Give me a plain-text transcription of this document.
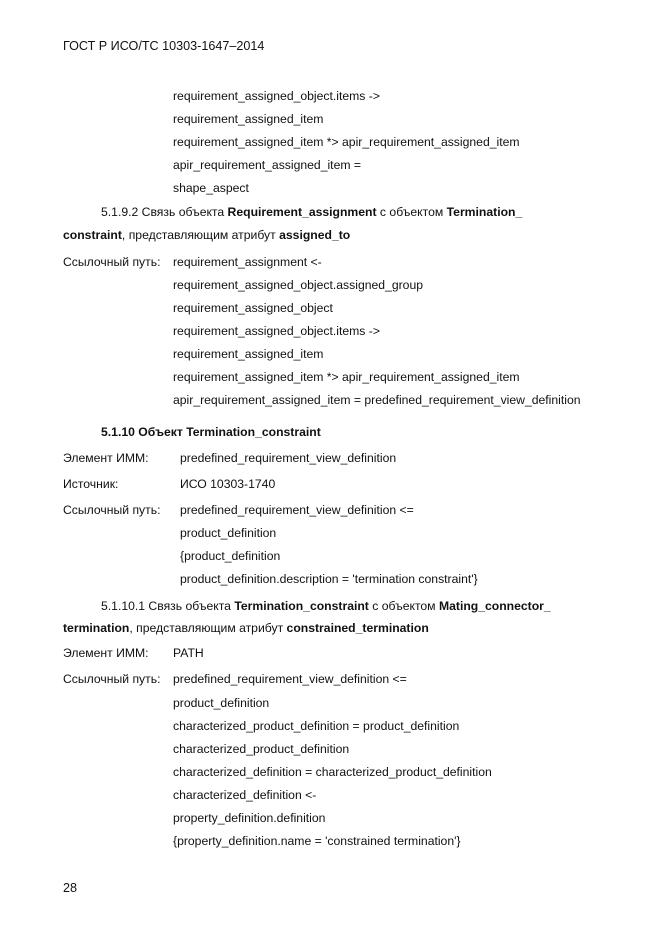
ГОСТ Р ИСО/ТС 10303-1647–2014
requirement_assigned_object.items ->
requirement_assigned_item
requirement_assigned_item *> apir_requirement_assigned_item
apir_requirement_assigned_item =
shape_aspect
5.1.9.2 Связь объекта Requirement_assignment с объектом Termination_
constraint, представляющим атрибут assigned_to
Ссылочный путь: requirement_assignment <-
requirement_assigned_object.assigned_group
requirement_assigned_object
requirement_assigned_object.items ->
requirement_assigned_item
requirement_assigned_item *> apir_requirement_assigned_item
apir_requirement_assigned_item = predefined_requirement_view_definition
5.1.10 Объект Termination_constraint
Элемент ИММ:	predefined_requirement_view_definition
Источник:	ИСО 10303-1740
Ссылочный путь: predefined_requirement_view_definition <=
product_definition
{product_definition
product_definition.description = 'termination constraint'}
5.1.10.1 Связь объекта Termination_constraint с объектом Mating_connector_
termination, представляющим атрибут constrained_termination
Элемент ИММ: PATH
Ссылочный путь: predefined_requirement_view_definition <=
product_definition
characterized_product_definition = product_definition
characterized_product_definition
characterized_definition = characterized_product_definition
characterized_definition <-
property_definition.definition
{property_definition.name = 'constrained termination'}
28
